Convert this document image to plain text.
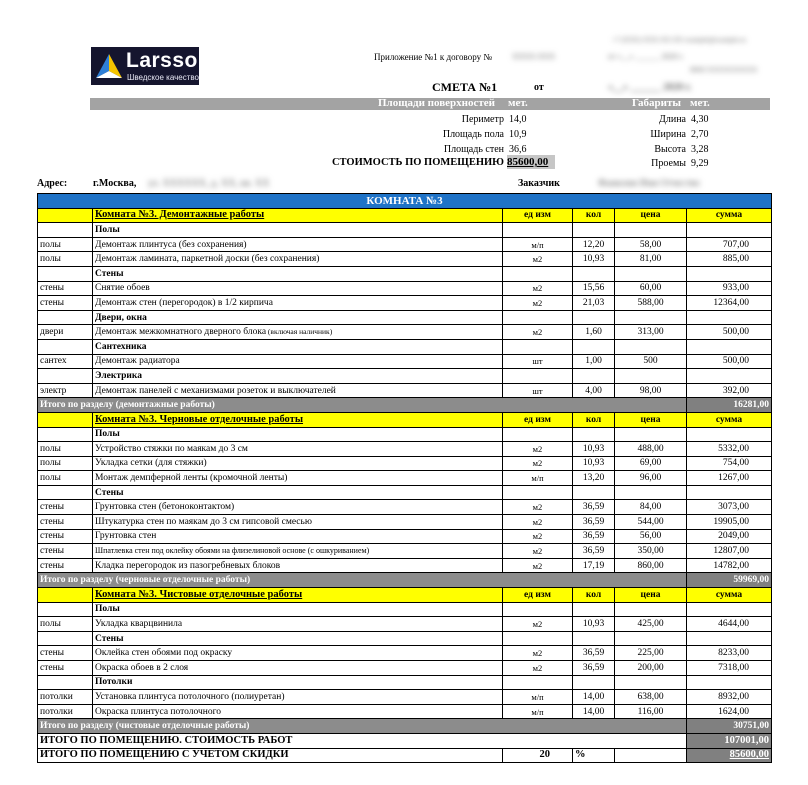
Larsson
Шведское качество
Приложение №1 к договору №	XXXX-XXX	от «__» ______ 2020 г.
+7 (XXX) XXX-XX-XX example@example.ru
ИНН XXXXXXXXXX
СМЕТА №1	от	«__» ______ 2020 г.
Площади поверхностей мет.	Габариты мет.
Периметр 14,0
Площадь пола 10,9
Площадь стен 36,6
СТОИМОСТЬ ПО ПОМЕЩЕНИЮ 85600,00
Длина 4,30
Ширина 2,70
Высота 3,28
Проемы 9,29
Адрес:	г.Москва, ул. ХХХХХХ, д. ХХ, кв. ХХ	Заказчик	Фамилия Имя Отчество
КОМНАТА №3					
	Комната №3. Демонтажные работы	ед изм	кол	цена	сумма
	Полы				
полы	Демонтаж плинтуса (без сохранения)	м/п	12,20	58,00	707,00
полы	Демонтаж ламината, паркетной доски (без сохранения)	м2	10,93	81,00	885,00
	Стены				
стены	Снятие обоев	м2	15,56	60,00	933,00
стены	Демонтаж стен (перегородок) в 1/2 кирпича	м2	21,03	588,00	12364,00
	Двери, окна				
двери	Демонтаж межкомнатного дверного блока (включая наличник)	м2	1,60	313,00	500,00
	Сантехника				
сантех	Демонтаж радиатора	шт	1,00	500	500,00
	Электрика				
электр	Демонтаж панелей с механизмами розеток и выключателей	шт	4,00	98,00	392,00
Итого по разделу (демонтажные работы)					16281,00
	Комната №3. Черновые отделочные работы	ед изм	кол	цена	сумма
	Полы				
полы	Устройство стяжки по маякам до 3 см	м2	10,93	488,00	5332,00
полы	Укладка сетки (для стяжки)	м2	10,93	69,00	754,00
полы	Монтаж демпферной ленты (кромочной ленты)	м/п	13,20	96,00	1267,00
	Стены				
стены	Грунтовка стен (бетоноконтактом)	м2	36,59	84,00	3073,00
стены	Штукатурка стен по маякам до 3 см гипсовой смесью	м2	36,59	544,00	19905,00
стены	Грунтовка стен	м2	36,59	56,00	2049,00
стены	Шпатлевка стен под оклейку обоями на флизелиновой основе (с ошкуриванием)	м2	36,59	350,00	12807,00
стены	Кладка перегородок из пазогребневых блоков	м2	17,19	860,00	14782,00
Итого по разделу (черновые отделочные работы)					59969,00
	Комната №3. Чистовые отделочные работы	ед изм	кол	цена	сумма
	Полы				
полы	Укладка кварцвинила	м2	10,93	425,00	4644,00
	Стены				
стены	Оклейка стен обоями под окраску	м2	36,59	225,00	8233,00
стены	Окраска обоев в 2 слоя	м2	36,59	200,00	7318,00
	Потолки				
потолки	Установка плинтуса потолочного (полиуретан)	м/п	14,00	638,00	8932,00
потолки	Окраска плинтуса потолочного	м/п	14,00	116,00	1624,00
Итого по разделу (чистовые отделочные работы)					30751,00
ИТОГО ПО ПОМЕЩЕНИЮ. СТОИМОСТЬ РАБОТ					107001,00
ИТОГО ПО ПОМЕЩЕНИЮ С УЧЕТОМ СКИДКИ		20	%		85600,00
